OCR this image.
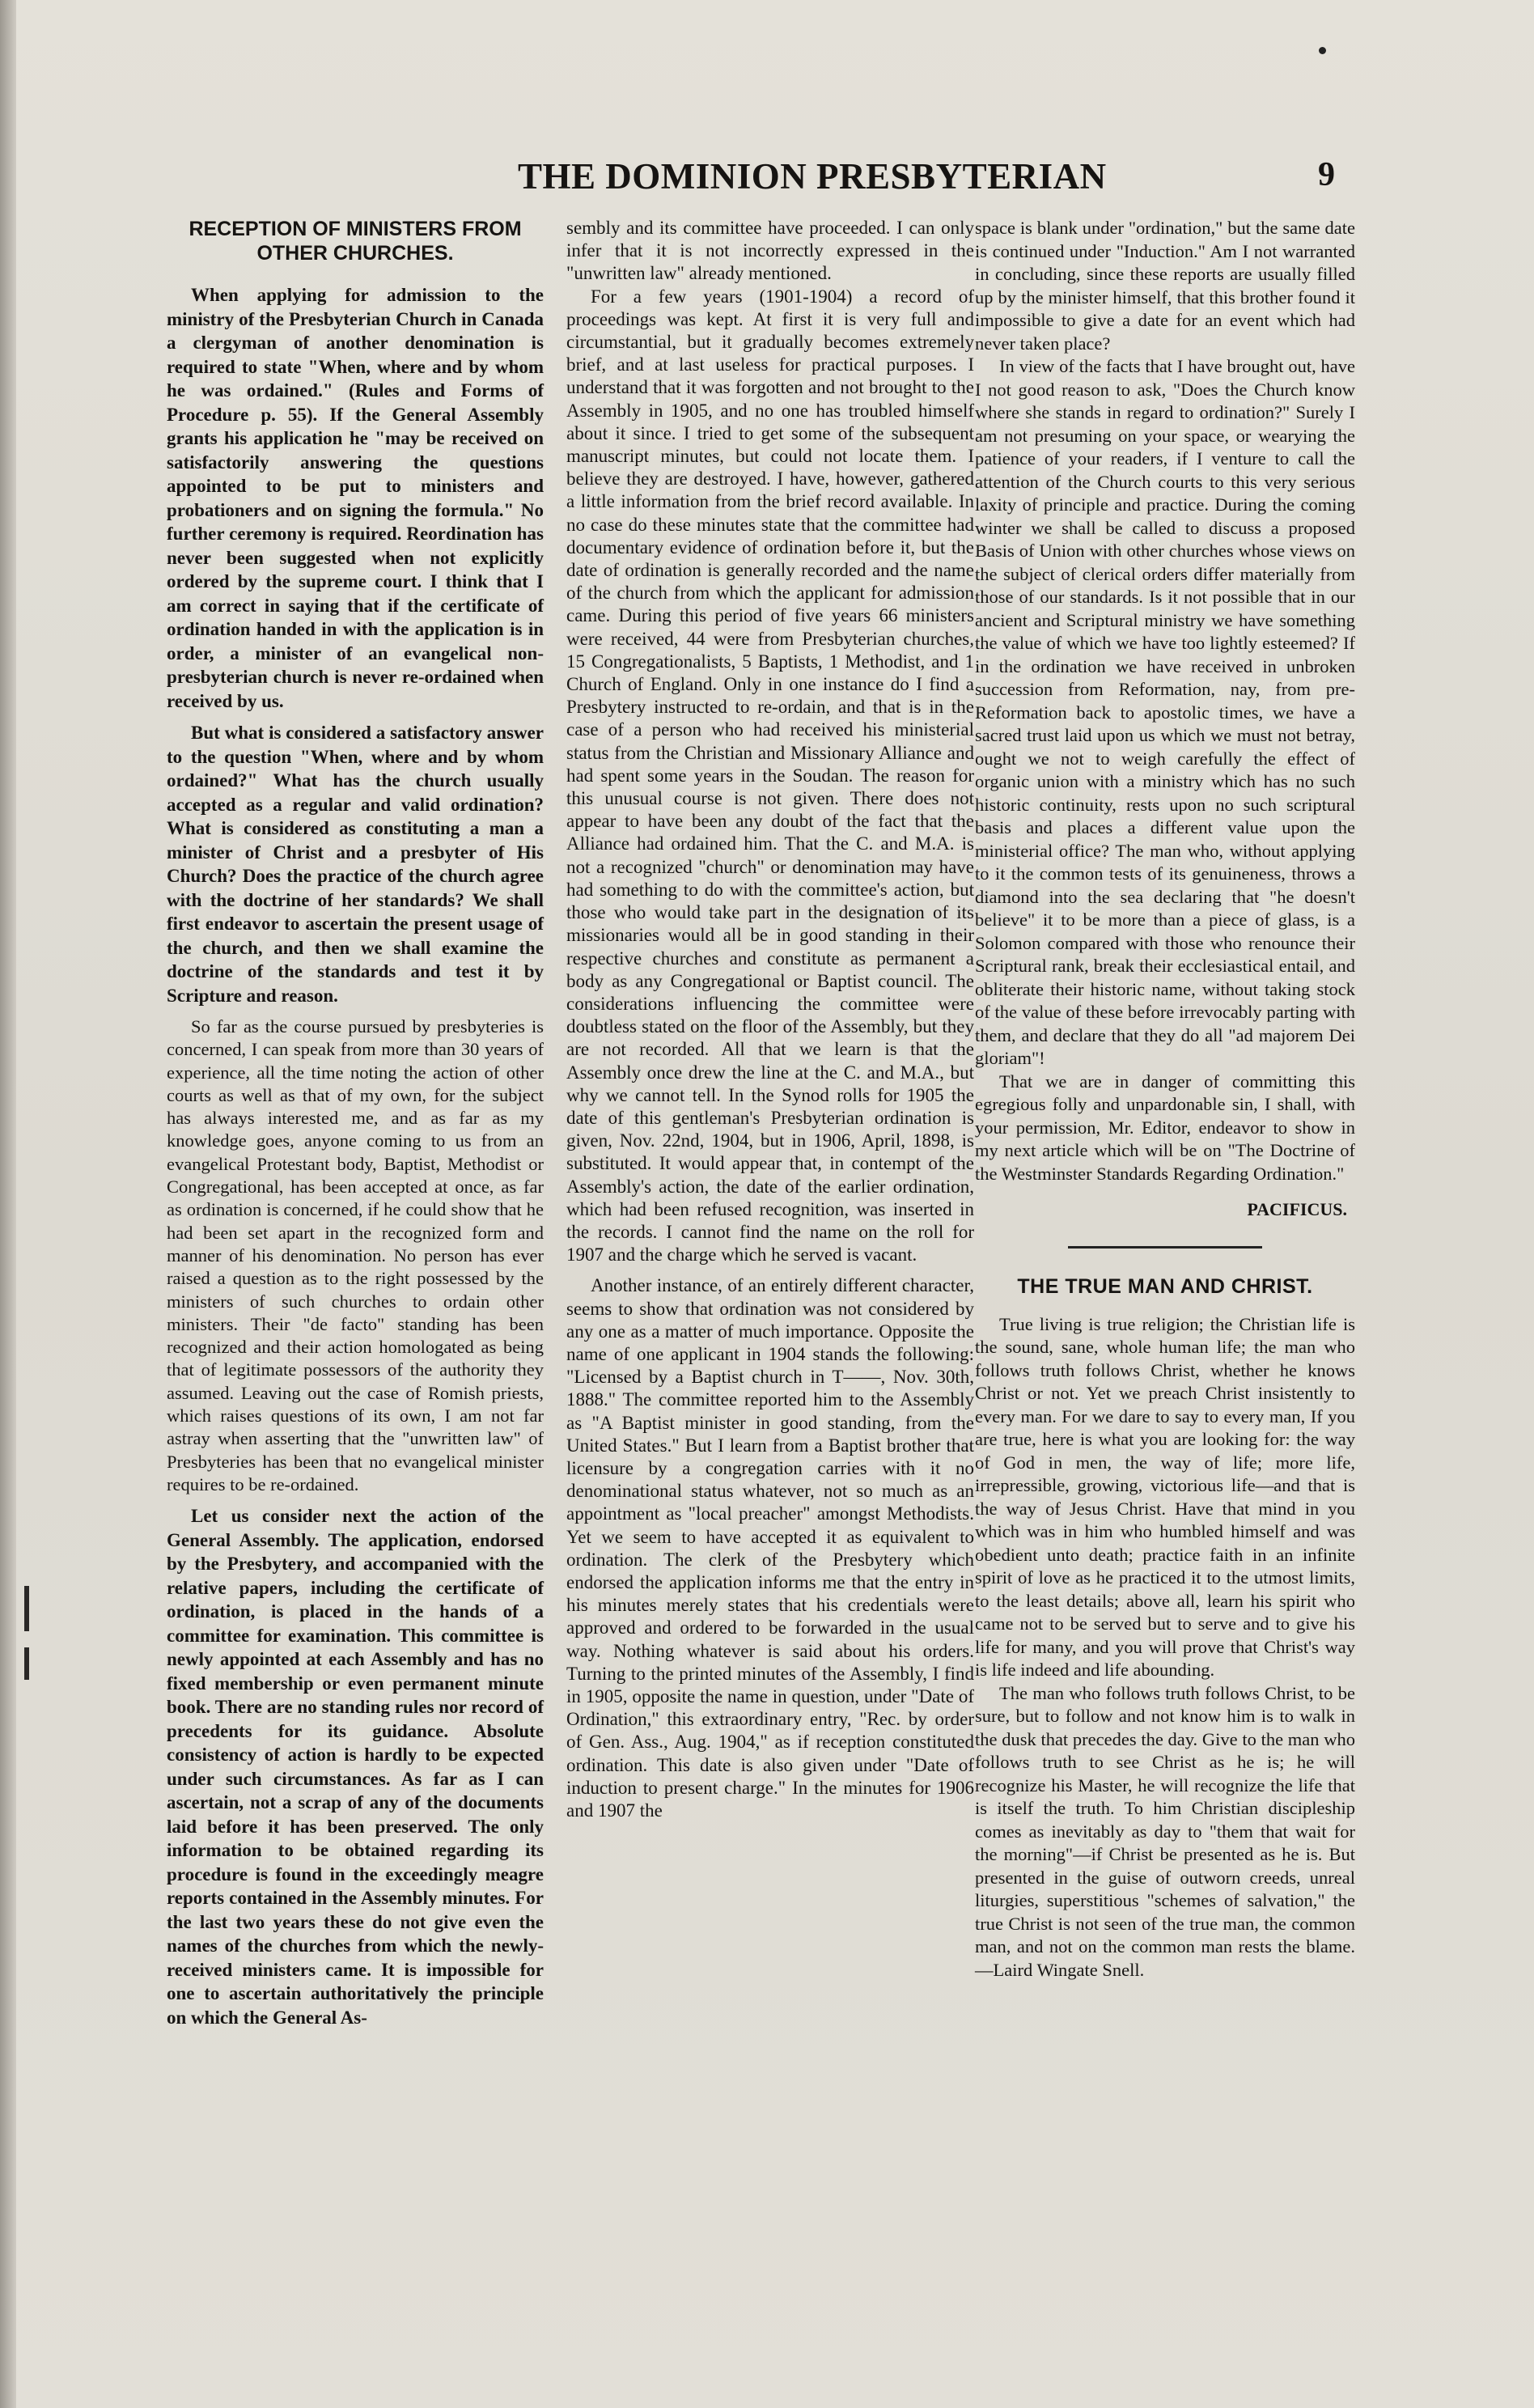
THE DOMINION PRESBYTERIAN	9
RECEPTION OF MINISTERS FROM OTHER CHURCHES.

When applying for admission to the ministry of the Presbyterian Church in Canada a clergyman of another denomination is required to state "When, where and by whom he was ordained." (Rules and Forms of Procedure p. 55). If the General Assembly grants his application he "may be received on satisfactorily answering the questions appointed to be put to ministers and probationers and on signing the formula." No further ceremony is required. Reordination has never been suggested when not explicitly ordered by the supreme court. I think that I am correct in saying that if the certificate of ordination handed in with the application is in order, a minister of an evangelical non-presbyterian church is never re-ordained when received by us.

But what is considered a satisfactory answer to the question "When, where and by whom ordained?" What has the church usually accepted as a regular and valid ordination? What is considered as constituting a man a minister of Christ and a presbyter of His Church? Does the practice of the church agree with the doctrine of her standards? We shall first endeavor to ascertain the present usage of the church, and then we shall examine the doctrine of the standards and test it by Scripture and reason.

So far as the course pursued by presbyteries is concerned, I can speak from more than 30 years of experience, all the time noting the action of other courts as well as that of my own, for the subject has always interested me, and as far as my knowledge goes, anyone coming to us from an evangelical Protestant body, Baptist, Methodist or Congregational, has been accepted at once, as far as ordination is concerned, if he could show that he had been set apart in the recognized form and manner of his denomination. No person has ever raised a question as to the right possessed by the ministers of such churches to ordain other ministers. Their "de facto" standing has been recognized and their action homologated as being that of legitimate possessors of the authority they assumed. Leaving out the case of Romish priests, which raises questions of its own, I am not far astray when asserting that the "unwritten law" of Presbyteries has been that no evangelical minister requires to be re-ordained.

Let us consider next the action of the General Assembly. The application, endorsed by the Presbytery, and accompanied with the relative papers, including the certificate of ordination, is placed in the hands of a committee for examination. This committee is newly appointed at each Assembly and has no fixed membership or even permanent minute book. There are no standing rules nor record of precedents for its guidance. Absolute consistency of action is hardly to be expected under such circumstances. As far as I can ascertain, not a scrap of any of the documents laid before it has been preserved. The only information to be obtained regarding its procedure is found in the exceedingly meagre reports contained in the Assembly minutes. For the last two years these do not give even the names of the churches from which the newly-received ministers came. It is impossible for one to ascertain authoritatively the principle on which the General As-

sembly and its committee have proceeded. I can only infer that it is not incorrectly expressed in the "unwritten law" already mentioned.

For a few years (1901-1904) a record of proceedings was kept. At first it is very full and circumstantial, but it gradually becomes extremely brief, and at last useless for practical purposes. I understand that it was forgotten and not brought to the Assembly in 1905, and no one has troubled himself about it since. I tried to get some of the subsequent manuscript minutes, but could not locate them. I believe they are destroyed. I have, however, gathered a little information from the brief record available. In no case do these minutes state that the committee had documentary evidence of ordination before it, but the date of ordination is generally recorded and the name of the church from which the applicant for admission came. During this period of five years 66 ministers were received, 44 were from Presbyterian churches, 15 Congregationalists, 5 Baptists, 1 Methodist, and 1 Church of England. Only in one instance do I find a Presbytery instructed to re-ordain, and that is in the case of a person who had received his ministerial status from the Christian and Missionary Alliance and had spent some years in the Soudan. The reason for this unusual course is not given. There does not appear to have been any doubt of the fact that the Alliance had ordained him. That the C. and M.A. is not a recognized "church" or denomination may have had something to do with the committee's action, but those who would take part in the designation of its missionaries would all be in good standing in their respective churches and constitute as permanent a body as any Congregational or Baptist council. The considerations influencing the committee were doubtless stated on the floor of the Assembly, but they are not recorded. All that we learn is that the Assembly once drew the line at the C. and M.A., but why we cannot tell. In the Synod rolls for 1905 the date of this gentleman's Presbyterian ordination is given, Nov. 22nd, 1904, but in 1906, April, 1898, is substituted. It would appear that, in contempt of the Assembly's action, the date of the earlier ordination, which had been refused recognition, was inserted in the records. I cannot find the name on the roll for 1907 and the charge which he served is vacant.

Another instance, of an entirely different character, seems to show that ordination was not considered by any one as a matter of much importance. Opposite the name of one applicant in 1904 stands the following: "Licensed by a Baptist church in T——, Nov. 30th, 1888." The committee reported him to the Assembly as "A Baptist minister in good standing, from the United States." But I learn from a Baptist brother that licensure by a congregation carries with it no denominational status whatever, not so much as an appointment as "local preacher" amongst Methodists. Yet we seem to have accepted it as equivalent to ordination. The clerk of the Presbytery which endorsed the application informs me that the entry in his minutes merely states that his credentials were approved and ordered to be forwarded in the usual way. Nothing whatever is said about his orders. Turning to the printed minutes of the Assembly, I find in 1905, opposite the name in question, under "Date of Ordination," this extraordinary entry, "Rec. by order of Gen. Ass., Aug. 1904," as if reception constituted ordination. This date is also given under "Date of induction to present charge." In the minutes for 1906 and 1907 the

space is blank under "ordination," but the same date is continued under "Induction." Am I not warranted in concluding, since these reports are usually filled up by the minister himself, that this brother found it impossible to give a date for an event which had never taken place?

In view of the facts that I have brought out, have I not good reason to ask, "Does the Church know where she stands in regard to ordination?" Surely I am not presuming on your space, or wearying the patience of your readers, if I venture to call the attention of the Church courts to this very serious laxity of principle and practice. During the coming winter we shall be called to discuss a proposed Basis of Union with other churches whose views on the subject of clerical orders differ materially from those of our standards. Is it not possible that in our ancient and Scriptural ministry we have something the value of which we have too lightly esteemed? If in the ordination we have received in unbroken succession from Reformation, nay, from pre-Reformation back to apostolic times, we have a sacred trust laid upon us which we must not betray, ought we not to weigh carefully the effect of organic union with a ministry which has no such historic continuity, rests upon no such scriptural basis and places a different value upon the ministerial office? The man who, without applying to it the common tests of its genuineness, throws a diamond into the sea declaring that "he doesn't believe" it to be more than a piece of glass, is a Solomon compared with those who renounce their Scriptural rank, break their ecclesiastical entail, and obliterate their historic name, without taking stock of the value of these before irrevocably parting with them, and declare that they do all "ad majorem Dei gloriam"!

That we are in danger of committing this egregious folly and unpardonable sin, I shall, with your permission, Mr. Editor, endeavor to show in my next article which will be on "The Doctrine of the Westminster Standards Regarding Ordination."

PACIFICUS.
THE TRUE MAN AND CHRIST.

True living is true religion; the Christian life is the sound, sane, whole human life; the man who follows truth follows Christ, whether he knows Christ or not. Yet we preach Christ insistently to every man. For we dare to say to every man, If you are true, here is what you are looking for: the way of God in men, the way of life; more life, irrepressible, growing, victorious life—and that is the way of Jesus Christ. Have that mind in you which was in him who humbled himself and was obedient unto death; practice faith in an infinite spirit of love as he practiced it to the utmost limits, to the least details; above all, learn his spirit who came not to be served but to serve and to give his life for many, and you will prove that Christ's way is life indeed and life abounding.

The man who follows truth follows Christ, to be sure, but to follow and not know him is to walk in the dusk that precedes the day. Give to the man who follows truth to see Christ as he is; he will recognize his Master, he will recognize the life that is itself the truth. To him Christian discipleship comes as inevitably as day to "them that wait for the morning"—if Christ be presented as he is. But presented in the guise of outworn creeds, unreal liturgies, superstitious "schemes of salvation," the true Christ is not seen of the true man, the common man, and not on the common man rests the blame.—Laird Wingate Snell.
